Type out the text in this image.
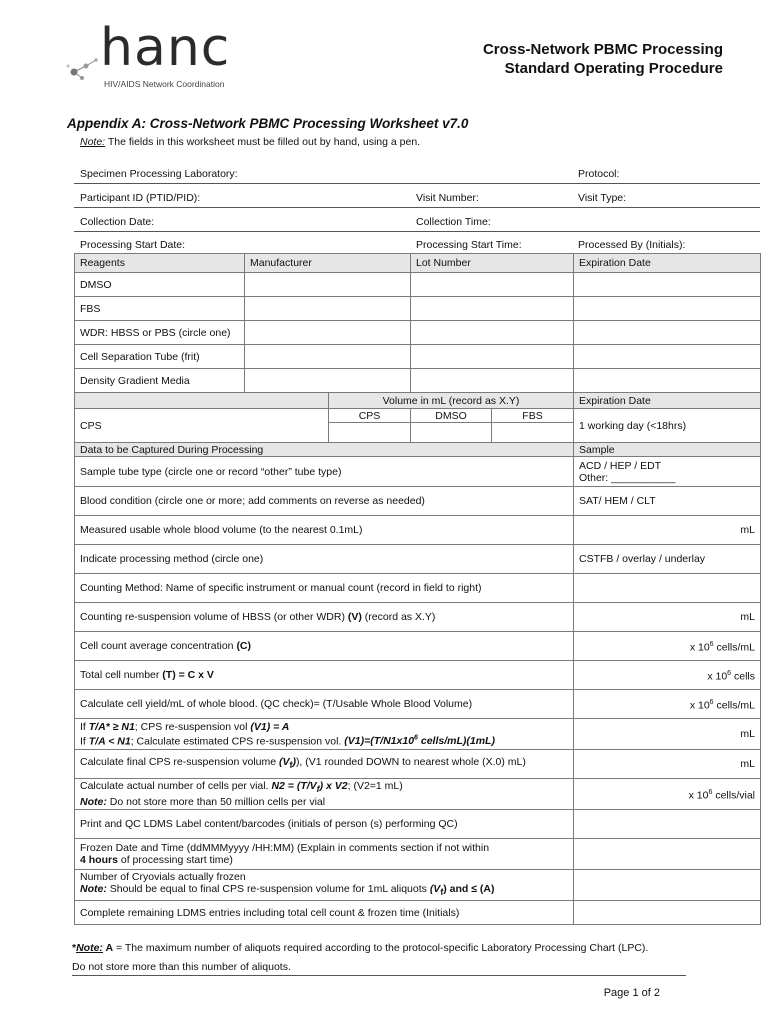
hanc
HIV/AIDS Network Coordination
Cross-Network PBMC Processing
Standard Operating Procedure
Appendix A: Cross-Network PBMC Processing Worksheet v7.0
Note: The fields in this worksheet must be filled out by hand, using a pen.
Specimen Processing Laboratory:	Protocol:
Participant ID (PTID/PID):	Visit Number:	Visit Type:
Collection Date:	Collection Time:
Processing Start Date:	Processing Start Time:	Processed By (Initials):
Reagents	Manufacturer		Lot Number		Expiration Date
DMSO					
FBS					
WDR: HBSS or PBS (circle one)					
Cell Separation Tube (frit)					
Density Gradient Media					
		Volume in mL (record as X.Y)			Expiration Date
CPS		CPS	DMSO	FBS	1 working day (<18hrs)

Data to be Captured During Processing					Sample
Sample tube type (circle one or record “other” tube type)					ACD / HEP / EDT
Other: ___________

Blood condition (circle one or more; add comments on reverse as needed)					SAT/ HEM / CLT
Measured usable whole blood volume (to the nearest 0.1mL)					mL
Indicate processing method (circle one)					CSTFB / overlay / underlay
Counting Method: Name of specific instrument or manual count (record in field to right)					
Counting re-suspension volume of HBSS (or other WDR) (V) (record as X.Y)					mL
Cell count average concentration (C)					x $10^6$ cells/mL
Total cell number (T) = C x V					x $10^6$ cells
Calculate cell yield/mL of whole blood. (QC check)= (T/Usable Whole Blood Volume)					x $10^6$ cells/mL

If T/A* ≥ N1; CPS re-suspension vol (V1) = A
If T/A < N1; Calculate estimated CPS re-suspension vol. $(V1)=(T/N1x10^6$ cells/mL)(1mL)					mL
Calculate final CPS re-suspension volume $(V_f)$), (V1 rounded DOWN to nearest whole (X.0) mL)					mL

Calculate actual number of cells per vial. $N2 = (T/V_f)$ x V2; (V2=1 mL)
Note: Do not store more than 50 million cells per vial					x $10^6$ cells/vial
Print and QC LDMS Label content/barcodes (initials of person (s) performing QC)					

Frozen Date and Time (ddMMMyyyy /HH:MM) (Explain in comments section if not within
4 hours of processing start time)					

Number of Cryovials actually frozen
Note: Should be equal to final CPS re-suspension volume for 1mL aliquots $(V_f)$ and ≤ (A)					

Complete remaining LDMS entries including total cell count & frozen time (Initials)					
*Note: A = The maximum number of aliquots required according to the protocol-specific Laboratory Processing Chart (LPC).
Do not store more than this number of aliquots.
Page 1 of 2
